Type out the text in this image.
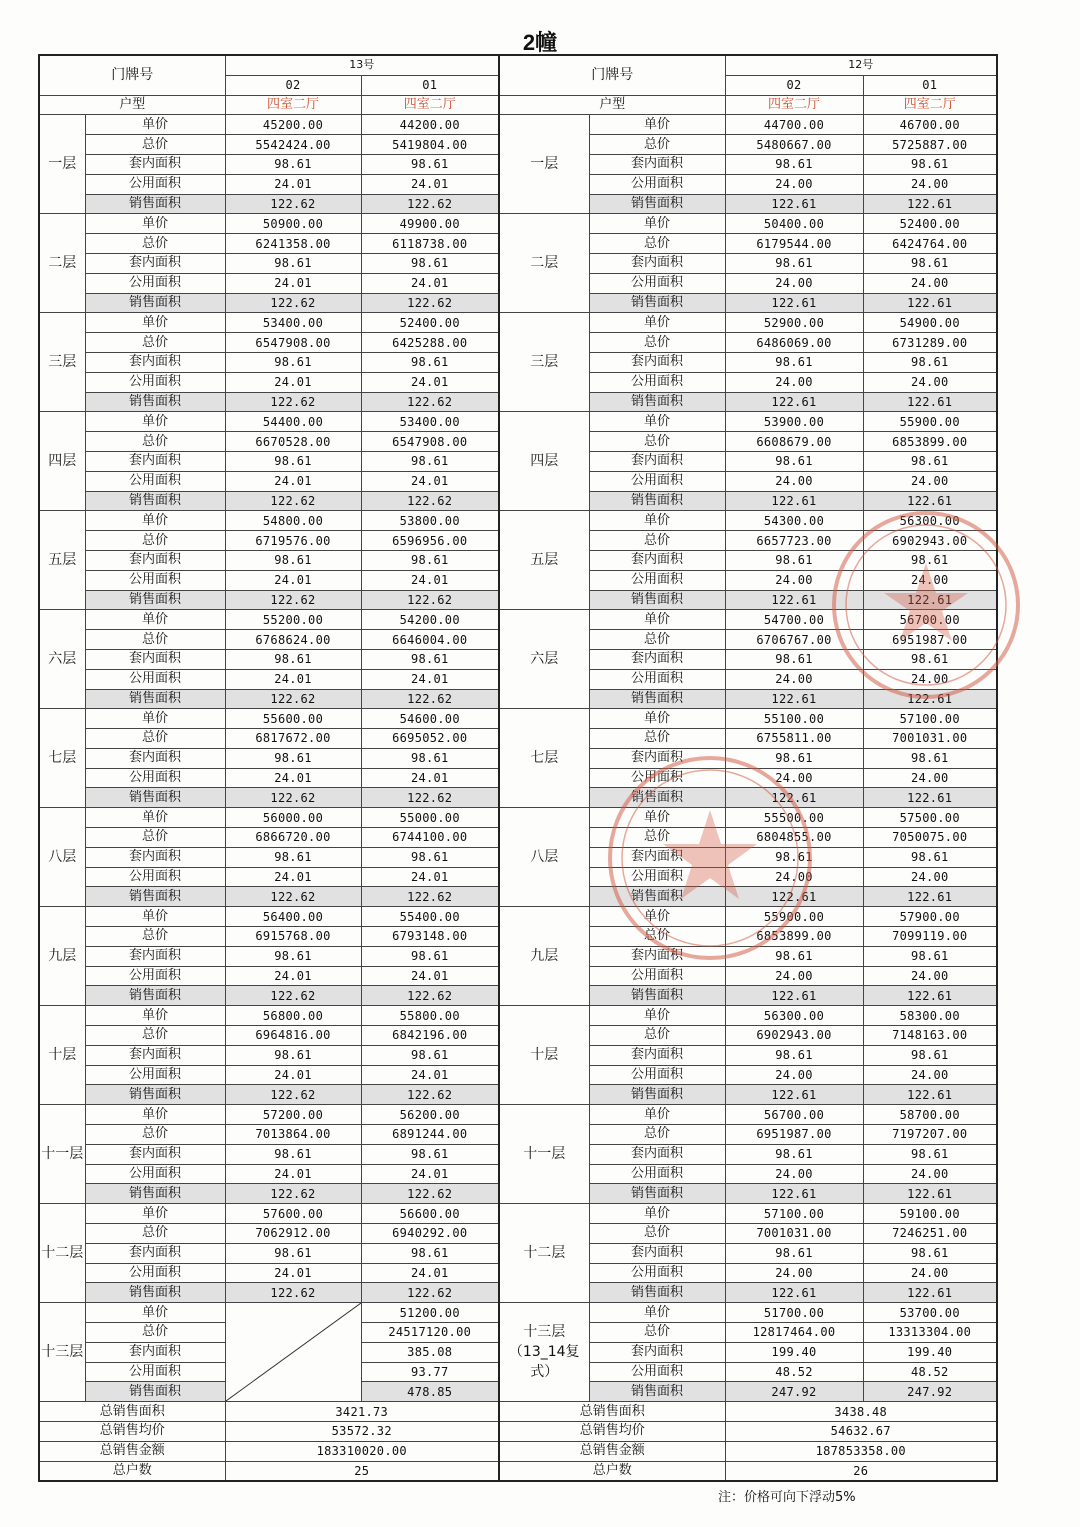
2幢
门牌号		13号		门牌号		12号	
		02	01			02	01
户型		四室二厅	四室二厅	户型		四室二厅	四室二厅
一层	单价	45200.00	44200.00	一层	单价	44700.00	46700.00
	总价	5542424.00	5419804.00		总价	5480667.00	5725887.00
	套内面积	98.61	98.61		套内面积	98.61	98.61
	公用面积	24.01	24.01		公用面积	24.00	24.00
	销售面积	122.62	122.62		销售面积	122.61	122.61
二层	单价	50900.00	49900.00	二层	单价	50400.00	52400.00
	总价	6241358.00	6118738.00		总价	6179544.00	6424764.00
	套内面积	98.61	98.61		套内面积	98.61	98.61
	公用面积	24.01	24.01		公用面积	24.00	24.00
	销售面积	122.62	122.62		销售面积	122.61	122.61
三层	单价	53400.00	52400.00	三层	单价	52900.00	54900.00
	总价	6547908.00	6425288.00		总价	6486069.00	6731289.00
	套内面积	98.61	98.61		套内面积	98.61	98.61
	公用面积	24.01	24.01		公用面积	24.00	24.00
	销售面积	122.62	122.62		销售面积	122.61	122.61
四层	单价	54400.00	53400.00	四层	单价	53900.00	55900.00
	总价	6670528.00	6547908.00		总价	6608679.00	6853899.00
	套内面积	98.61	98.61		套内面积	98.61	98.61
	公用面积	24.01	24.01		公用面积	24.00	24.00
	销售面积	122.62	122.62		销售面积	122.61	122.61
五层	单价	54800.00	53800.00	五层	单价	54300.00	56300.00
	总价	6719576.00	6596956.00		总价	6657723.00	6902943.00
	套内面积	98.61	98.61		套内面积	98.61	98.61
	公用面积	24.01	24.01		公用面积	24.00	24.00
	销售面积	122.62	122.62		销售面积	122.61	122.61
六层	单价	55200.00	54200.00	六层	单价	54700.00	56700.00
	总价	6768624.00	6646004.00		总价	6706767.00	6951987.00
	套内面积	98.61	98.61		套内面积	98.61	98.61
	公用面积	24.01	24.01		公用面积	24.00	24.00
	销售面积	122.62	122.62		销售面积	122.61	122.61
七层	单价	55600.00	54600.00	七层	单价	55100.00	57100.00
	总价	6817672.00	6695052.00		总价	6755811.00	7001031.00
	套内面积	98.61	98.61		套内面积	98.61	98.61
	公用面积	24.01	24.01		公用面积	24.00	24.00
	销售面积	122.62	122.62		销售面积	122.61	122.61
八层	单价	56000.00	55000.00	八层	单价	55500.00	57500.00
	总价	6866720.00	6744100.00		总价	6804855.00	7050075.00
	套内面积	98.61	98.61		套内面积	98.61	98.61
	公用面积	24.01	24.01		公用面积	24.00	24.00
	销售面积	122.62	122.62		销售面积	122.61	122.61
九层	单价	56400.00	55400.00	九层	单价	55900.00	57900.00
	总价	6915768.00	6793148.00		总价	6853899.00	7099119.00
	套内面积	98.61	98.61		套内面积	98.61	98.61
	公用面积	24.01	24.01		公用面积	24.00	24.00
	销售面积	122.62	122.62		销售面积	122.61	122.61
十层	单价	56800.00	55800.00	十层	单价	56300.00	58300.00
	总价	6964816.00	6842196.00		总价	6902943.00	7148163.00
	套内面积	98.61	98.61		套内面积	98.61	98.61
	公用面积	24.01	24.01		公用面积	24.00	24.00
	销售面积	122.62	122.62		销售面积	122.61	122.61
十一层	单价	57200.00	56200.00	十一层	单价	56700.00	58700.00
	总价	7013864.00	6891244.00		总价	6951987.00	7197207.00
	套内面积	98.61	98.61		套内面积	98.61	98.61
	公用面积	24.01	24.01		公用面积	24.00	24.00
	销售面积	122.62	122.62		销售面积	122.61	122.61
十二层	单价	57600.00	56600.00	十二层	单价	57100.00	59100.00
	总价	7062912.00	6940292.00		总价	7001031.00	7246251.00
	套内面积	98.61	98.61		套内面积	98.61	98.61
	公用面积	24.01	24.01		公用面积	24.00	24.00
	销售面积	122.62	122.62		销售面积	122.61	122.61
十三层	单价		51200.00	十三层（13_14复式）	单价	51700.00	53700.00
	总价		24517120.00		总价	12817464.00	13313304.00
	套内面积		385.08		套内面积	199.40	199.40
	公用面积		93.77		公用面积	48.52	48.52
	销售面积		478.85		销售面积	247.92	247.92
总销售面积		3421.73		总销售面积		3438.48	
总销售均价		53572.32		总销售均价		54632.67	
总销售金额		183310020.00		总销售金额		187853358.00	
总户数		25		总户数		26	
注：价格可向下浮动5%
